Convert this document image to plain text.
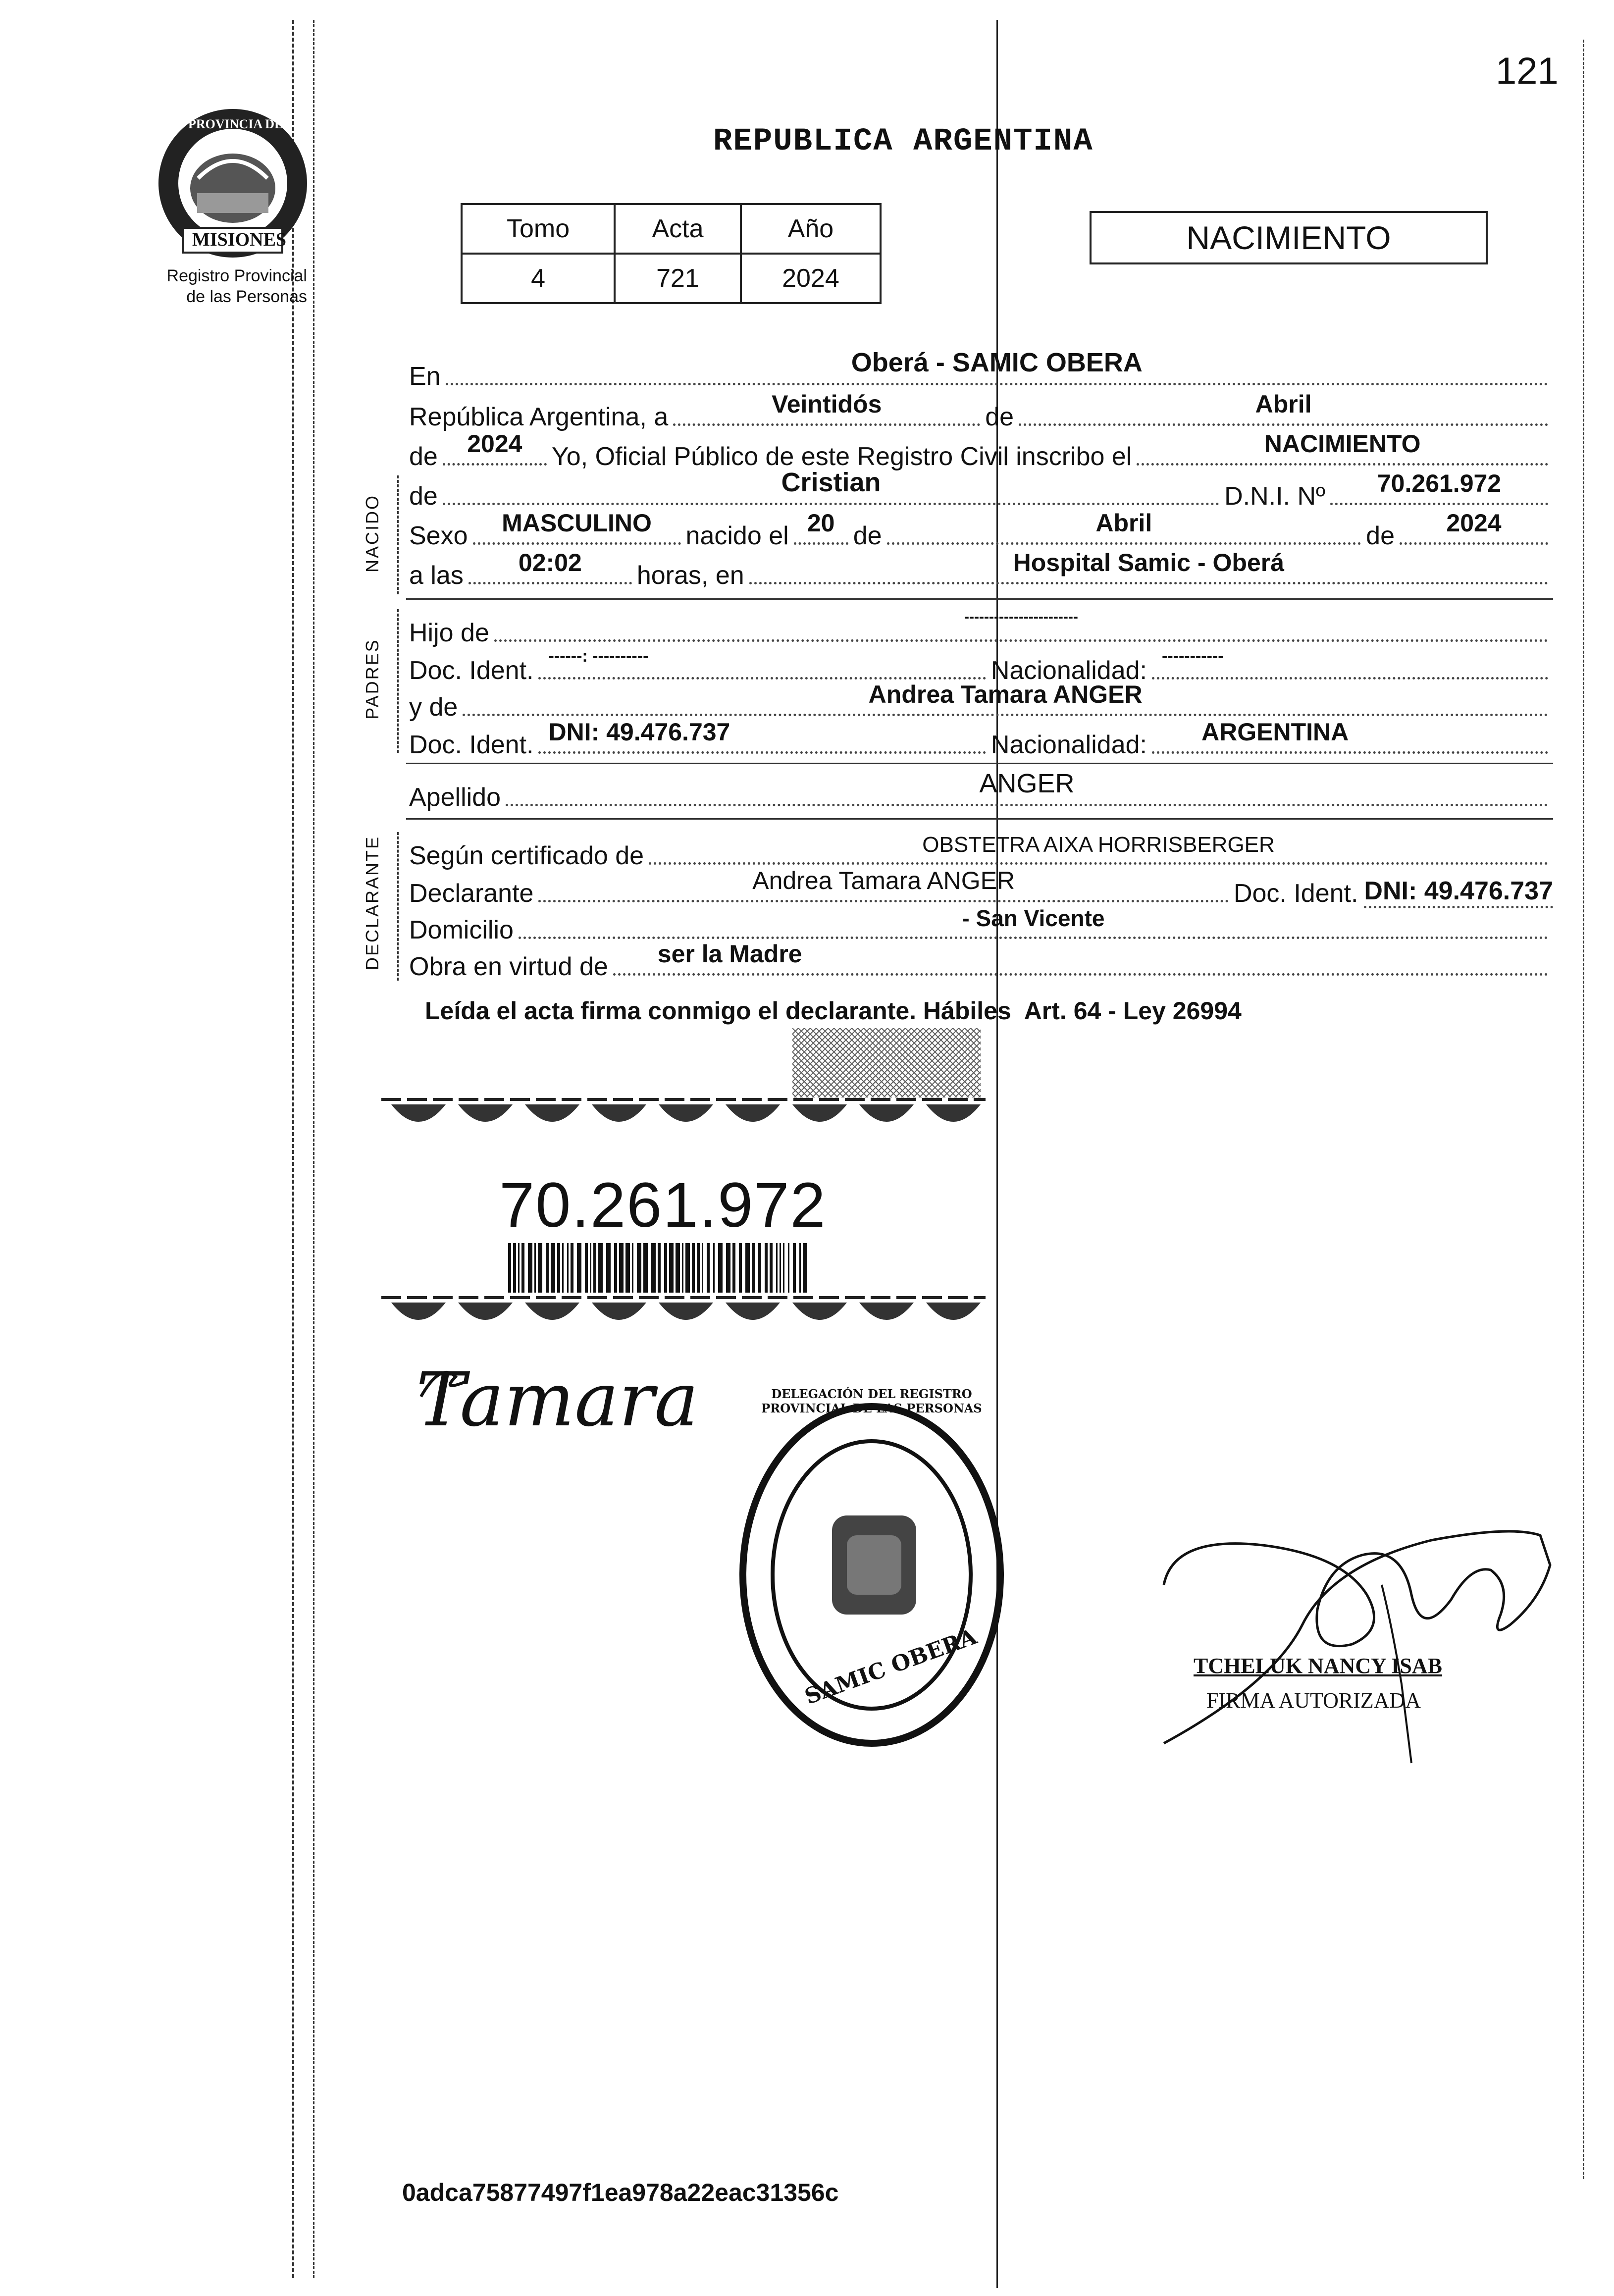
121
PROVINCIA DE
MISIONES
Registro Provincial
de las Personas
REPUBLICA ARGENTINA
Tomo	Acta	Año
4	721	2024
NACIMIENTO
En	Oberá - SAMIC OBERA
República Argentina, a	Veintidós	de	Abril
de 2024 Yo, Oficial Público de este Registro Civil inscribo el	NACIMIENTO
NACIDO de	Cristian	D.N.I. Nº 70.261.972
Sexo MASCULINO nacido el 20 de	Abril	de 2024
a las 02:02 horas, en	Hospital Samic - Oberá
PADRES
Hijo de
-----------------------
Doc. Ident. ------: ----------	Nacionalidad: -----------
y de	Andrea Tamara ANGER
Doc. Ident. DNI: 49.476.737	Nacionalidad: ARGENTINA
Apellido	ANGER
DECLARANTE Según certificado de	OBSTETRA AIXA HORRISBERGER
Declarante	Andrea Tamara ANGER	Doc. Ident. DNI: 49.476.737
Domicilio	- San Vicente
Obra en virtud de ser la Madre
Leída el acta firma conmigo el declarante. Hábiles  Art. 64 - Ley 26994
70.261.972
Tamara
SAMIC OBERA
DELEGACIÓN DEL REGISTRO PROVINCIAL DE LAS PERSONAS
TCHELUK NANCY ISAB
FIRMA AUTORIZADA
0adca75877497f1ea978a22eac31356c
